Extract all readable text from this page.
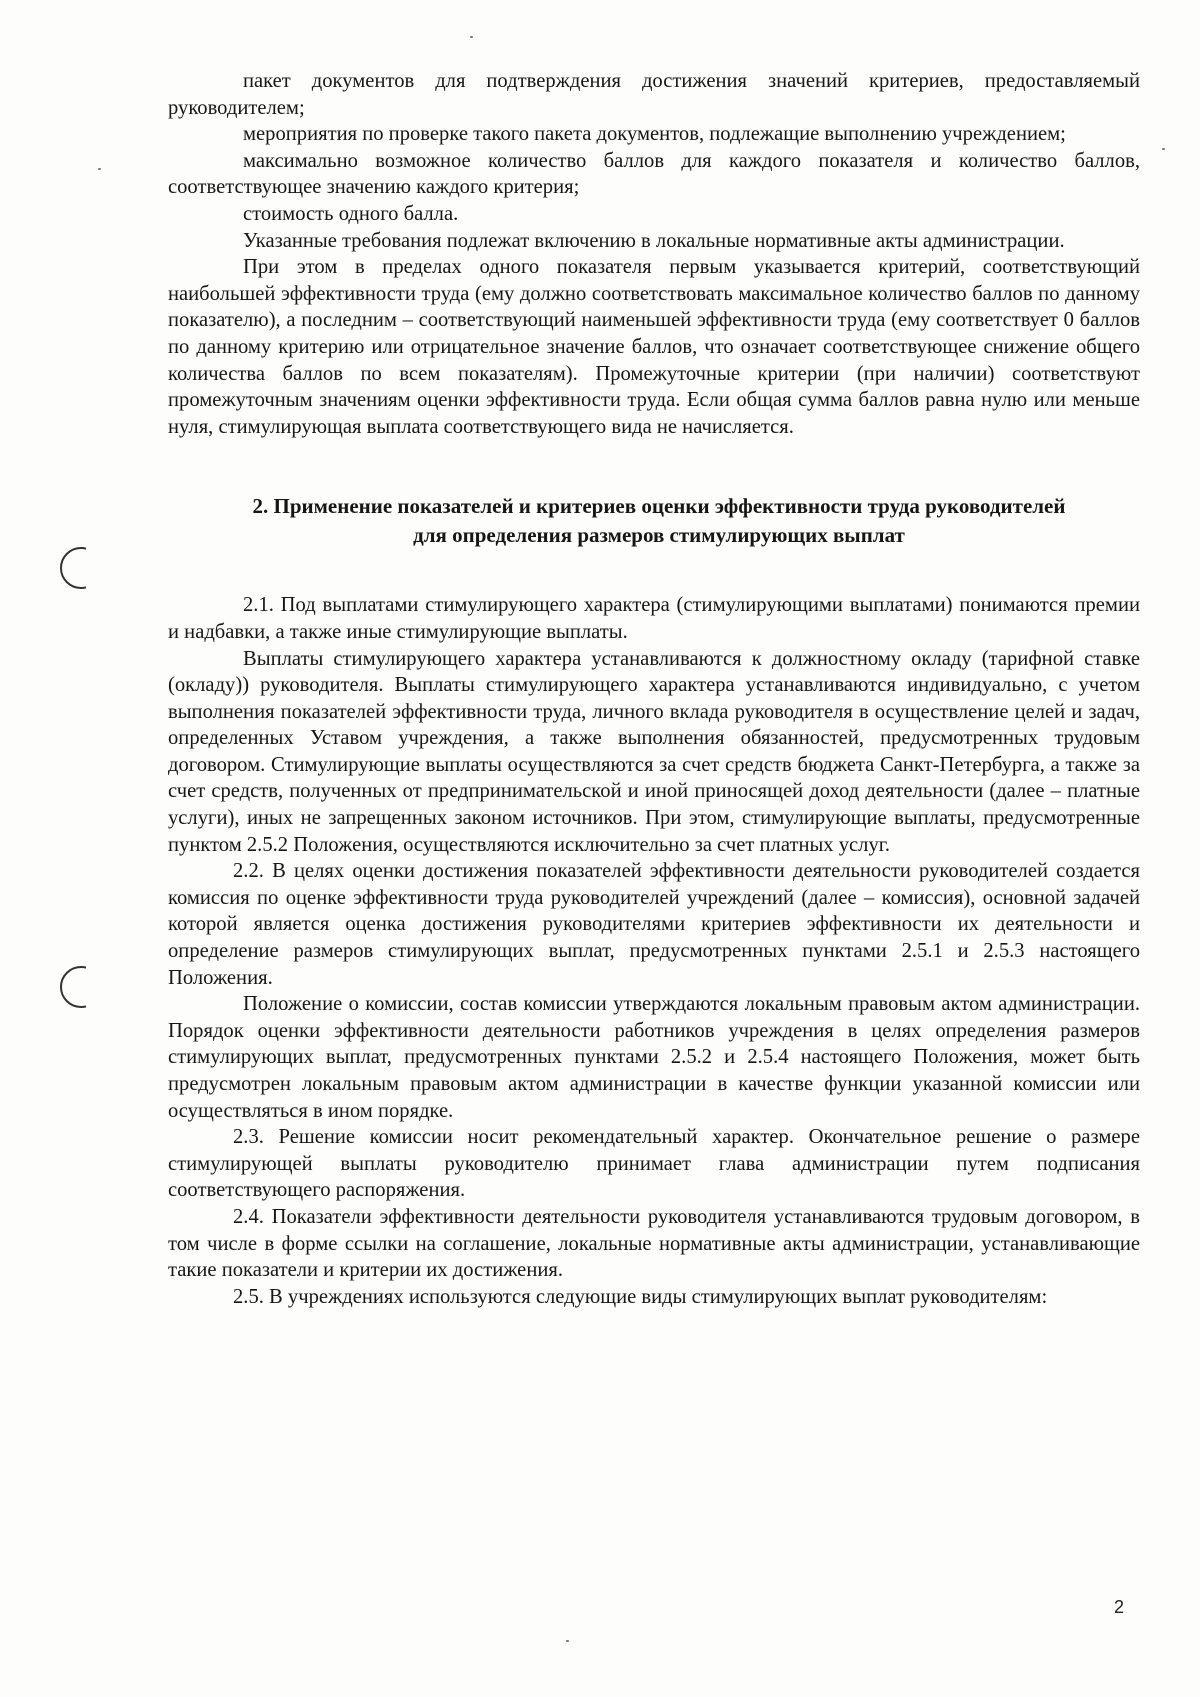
пакет документов для подтверждения достижения значений критериев, предоставляемый руководителем;

мероприятия по проверке такого пакета документов, подлежащие выполнению учреждением;

максимально возможное количество баллов для каждого показателя и количество баллов, соответствующее значению каждого критерия;

стоимость одного балла.

Указанные требования подлежат включению в локальные нормативные акты администрации.

При этом в пределах одного показателя первым указывается критерий, соответствующий наибольшей эффективности труда (ему должно соответствовать максимальное количество баллов по данному показателю), а последним – соответствующий наименьшей эффективности труда (ему соответствует 0 баллов по данному критерию или отрицательное значение баллов, что означает соответствующее снижение общего количества баллов по всем показателям). Промежуточные критерии (при наличии) соответствуют промежуточным значениям оценки эффективности труда. Если общая сумма баллов равна нулю или меньше нуля, стимулирующая выплата соответствующего вида не начисляется.

2. Применение показателей и критериев оценки эффективности труда руководителей для определения размеров стимулирующих выплат

2.1. Под выплатами стимулирующего характера (стимулирующими выплатами) понимаются премии и надбавки, а также иные стимулирующие выплаты.

Выплаты стимулирующего характера устанавливаются к должностному окладу (тарифной ставке (окладу)) руководителя. Выплаты стимулирующего характера устанавливаются индивидуально, с учетом выполнения показателей эффективности труда, личного вклада руководителя в осуществление целей и задач, определенных Уставом учреждения, а также выполнения обязанностей, предусмотренных трудовым договором. Стимулирующие выплаты осуществляются за счет средств бюджета Санкт-Петербурга, а также за счет средств, полученных от предпринимательской и иной приносящей доход деятельности (далее – платные услуги), иных не запрещенных законом источников. При этом, стимулирующие выплаты, предусмотренные пунктом 2.5.2 Положения, осуществляются исключительно за счет платных услуг.

2.2. В целях оценки достижения показателей эффективности деятельности руководителей создается комиссия по оценке эффективности труда руководителей учреждений (далее – комиссия), основной задачей которой является оценка достижения руководителями критериев эффективности их деятельности и определение размеров стимулирующих выплат, предусмотренных пунктами 2.5.1 и 2.5.3 настоящего Положения.

Положение о комиссии, состав комиссии утверждаются локальным правовым актом администрации. Порядок оценки эффективности деятельности работников учреждения в целях определения размеров стимулирующих выплат, предусмотренных пунктами 2.5.2 и 2.5.4 настоящего Положения, может быть предусмотрен локальным правовым актом администрации в качестве функции указанной комиссии или осуществляться в ином порядке.

2.3. Решение комиссии носит рекомендательный характер. Окончательное решение о размере стимулирующей выплаты руководителю принимает глава администрации путем подписания соответствующего распоряжения.

2.4. Показатели эффективности деятельности руководителя устанавливаются трудовым договором, в том числе в форме ссылки на соглашение, локальные нормативные акты администрации, устанавливающие такие показатели и критерии их достижения.

2.5. В учреждениях используются следующие виды стимулирующих выплат руководителям:

2
